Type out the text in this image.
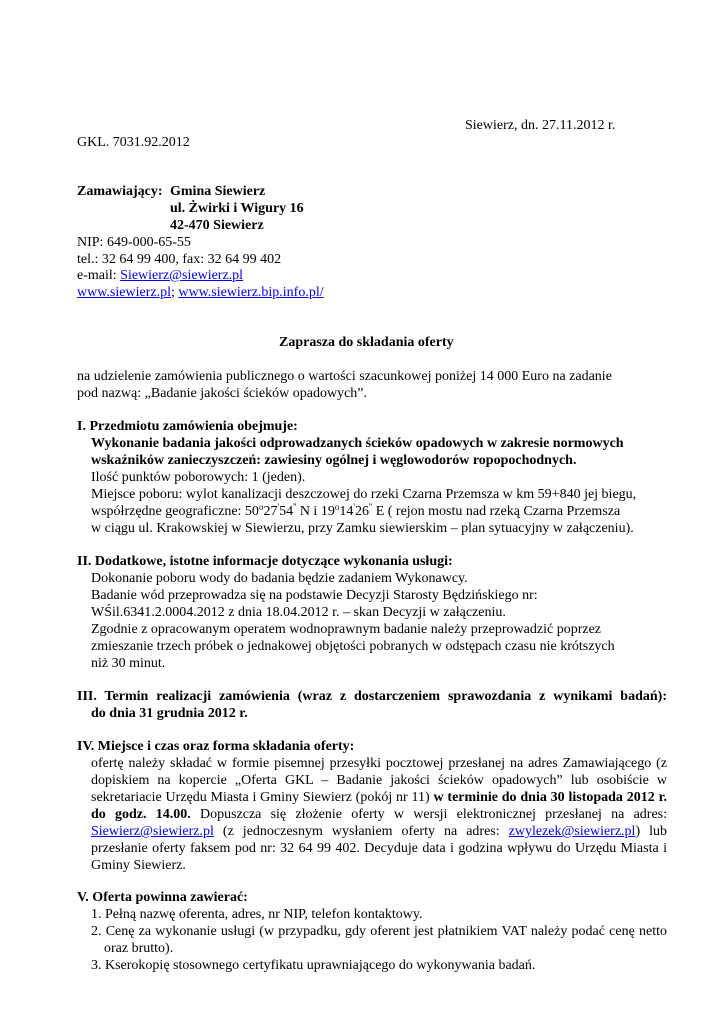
Siewierz, dn. 27.11.2012 r.
GKL. 7031.92.2012
Zamawiający: Gmina Siewierz
ul. Żwirki i Wigury 16
42-470 Siewierz
NIP: 649-000-65-55
tel.: 32 64 99 400, fax: 32 64 99 402
e-mail: Siewierz@siewierz.pl
www.siewierz.pl; www.siewierz.bip.info.pl/
Zaprasza do składania oferty
na udzielenie zamówienia publicznego o wartości szacunkowej poniżej 14 000 Euro na zadanie
pod nazwą: „Badanie jakości ścieków opadowych”.
I. Przedmiotu zamówienia obejmuje:
Wykonanie badania jakości odprowadzanych ścieków opadowych w zakresie normowych
wskaźników zanieczyszczeń: zawiesiny ogólnej i węglowodorów ropopochodnych.
Ilość punktów poborowych: 1 (jeden).
Miejsce poboru: wylot kanalizacji deszczowej do rzeki Czarna Przemsza w km 59+840 jej biegu,
współrzędne geograficzne: 50$^o$27'54'' N i 19$^o$14'26'' E ( rejon mostu nad rzeką Czarna Przemsza
w ciągu ul. Krakowskiej w Siewierzu, przy Zamku siewierskim – plan sytuacyjny w załączeniu).
II. Dodatkowe, istotne informacje dotyczące wykonania usługi:
Dokonanie poboru wody do badania będzie zadaniem Wykonawcy.
Badanie wód przeprowadza się na podstawie Decyzji Starosty Będzińskiego nr:
WŚil.6341.2.0004.2012 z dnia 18.04.2012 r. – skan Decyzji w załączeniu.
Zgodnie z opracowanym operatem wodnoprawnym badanie należy przeprowadzić poprzez
zmieszanie trzech próbek o jednakowej objętości pobranych w odstępach czasu nie krótszych
niż 30 minut.
III. Termin realizacji zamówienia (wraz z dostarczeniem sprawozdania z wynikami badań):
do dnia 31 grudnia 2012 r.
IV. Miejsce i czas oraz forma składania oferty:

ofertę należy składać w formie pisemnej przesyłki pocztowej przesłanej na adres Zamawiającego (z dopiskiem na kopercie „Oferta GKL – Badanie jakości ścieków opadowych” lub osobiście w sekretariacie Urzędu Miasta i Gminy Siewierz (pokój nr 11) w terminie do dnia 30 listopada 2012 r. do godz. 14.00. Dopuszcza się złożenie oferty w wersji elektronicznej przesłanej na adres: Siewierz@siewierz.pl (z jednoczesnym wysłaniem oferty na adres: zwylezek@siewierz.pl) lub przesłanie oferty faksem pod nr: 32 64 99 402. Decyduje data i godzina wpływu do Urzędu Miasta i Gminy Siewierz.

V. Oferta powinna zawierać:
1. Pełną nazwę oferenta, adres, nr NIP, telefon kontaktowy.

2. Cenę za wykonanie usługi (w przypadku, gdy oferent jest płatnikiem VAT należy podać cenę netto oraz brutto).

3. Kserokopię stosownego certyfikatu uprawniającego do wykonywania badań.
